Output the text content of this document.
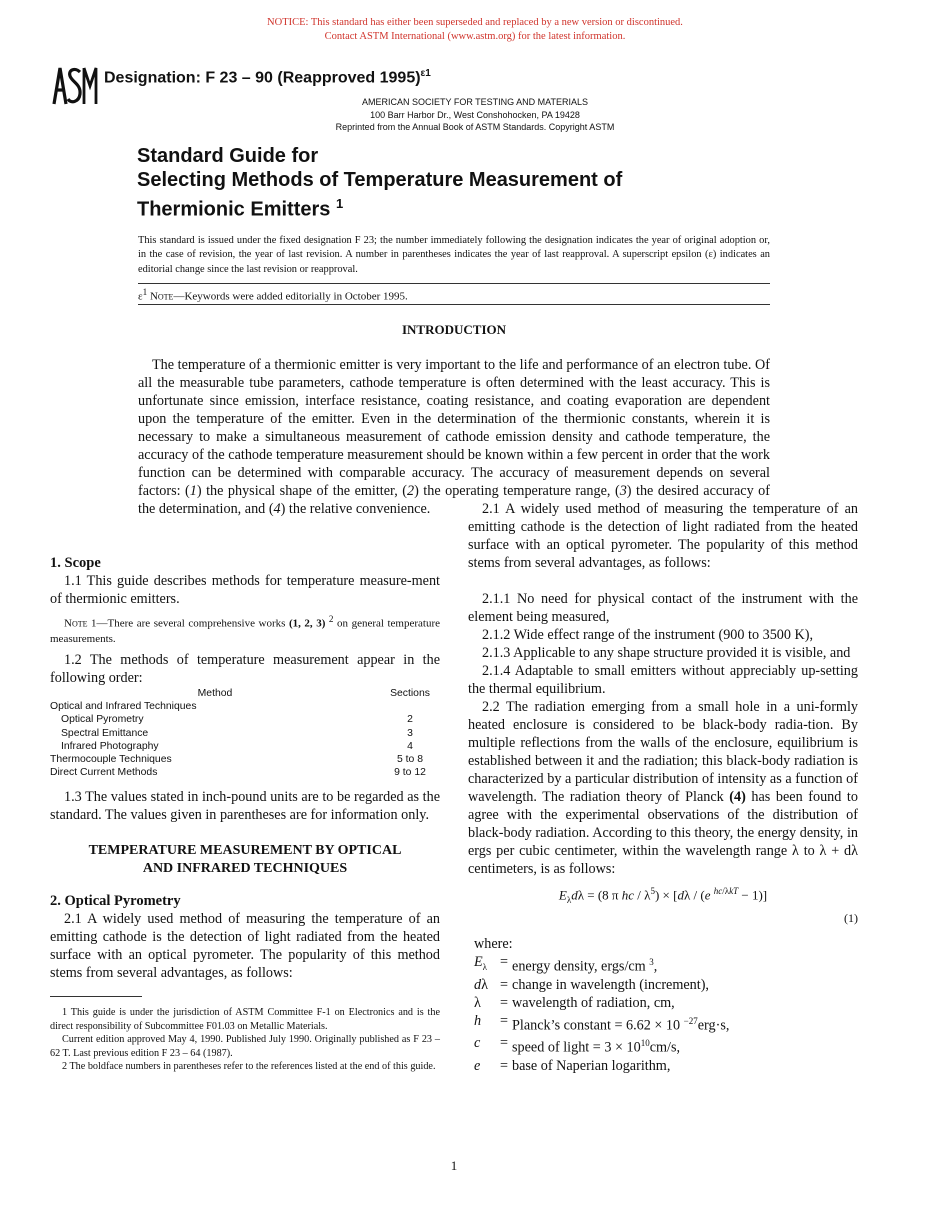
NOTICE: This standard has either been superseded and replaced by a new version or discontinued.
Contact ASTM International (www.astm.org) for the latest information.
Designation: F 23 – 90 (Reapproved 1995)$^{\varepsilon 1}$
AMERICAN SOCIETY FOR TESTING AND MATERIALS
100 Barr Harbor Dr., West Conshohocken, PA 19428
Reprinted from the Annual Book of ASTM Standards. Copyright ASTM
Standard Guide for
Selecting Methods of Temperature Measurement of
Thermionic Emitters $^1$
This standard is issued under the fixed designation F 23; the number immediately following the designation indicates the year of original adoption or, in the case of revision, the year of last revision. A number in parentheses indicates the year of last reapproval. A superscript epsilon (ε) indicates an editorial change since the last revision or reapproval.
$\varepsilon^1$ Note—Keywords were added editorially in October 1995.
INTRODUCTION
The temperature of a thermionic emitter is very important to the life and performance of an electron tube. Of all the measurable tube parameters, cathode temperature is often determined with the least accuracy. This is unfortunate since emission, interface resistance, coating resistance, and coating evaporation are dependent upon the temperature of the emitter. Even in the determination of the thermionic constants, wherein it is necessary to make a simultaneous measurement of cathode emission density and cathode temperature, the accuracy of the cathode temperature measurement should be known within a few percent in order that the work function can be determined with comparable accuracy. The accuracy of measurement depends on several factors: (1) the physical shape of the emitter, (2) the operating temperature range, (3) the desired accuracy of the determination, and (4) the relative convenience.

1. Scope

1.1 This guide describes methods for temperature measure-ment of thermionic emitters.

Note 1—There are several comprehensive works (1, 2, 3) $^2$ on general temperature measurements.

1.2 The methods of temperature measurement appear in the following order:

Method	Sections
Optical and Infrared Techniques	
Optical Pyrometry	2
Spectral Emittance	3
Infrared Photography	4
Thermocouple Techniques	5 to 8
Direct Current Methods	9 to 12

1.3 The values stated in inch-pound units are to be regarded as the standard. The values given in parentheses are for information only.

TEMPERATURE MEASUREMENT BY OPTICAL
AND INFRARED TECHNIQUES

2. Optical Pyrometry

2.1 A widely used method of measuring the temperature of an emitting cathode is the detection of light radiated from the heated surface with an optical pyrometer. The popularity of this method stems from several advantages, as follows:

2.1 A widely used method of measuring the temperature of an emitting cathode is the detection of light radiated from the heated surface with an optical pyrometer. The popularity of this method stems from several advantages, as follows:

2.1.1 No need for physical contact of the instrument with the element being measured,

2.1.2 Wide effect range of the instrument (900 to 3500 K),

2.1.3 Applicable to any shape structure provided it is visible, and

2.1.4 Adaptable to small emitters without appreciably up-setting the thermal equilibrium.

2.2 The radiation emerging from a small hole in a uni-formly heated enclosure is considered to be black-body radia-tion. By multiple reflections from the walls of the enclosure, equilibrium is established between it and the radiation; this black-body radiation is characterized by a particular distribution of intensity as a function of wavelength. The radiation theory of Planck (4) has been found to agree with the experimental observations of the distribution of black-body radiation. According to this theory, the energy density, in ergs per cubic centimeter, within the wavelength range λ to λ + dλ centimeters, is as follows:

$E_\lambda d\lambda = (8$ π hc / $\lambda^5) \times [d\lambda / (e$ $^{hc/\lambda kT}$ − 1)]
(1)
where:
$E_\lambda$	=	energy density, ergs/cm $^3$,
dλ	=	change in wavelength (increment),
λ	=	wavelength of radiation, cm,
h	=	Planck’s constant = 6.62 × 10 $^{-27}$erg·s,
c	=	speed of light = $3 \times 10^{10}cm/s$,
e	=	base of Naperian logarithm,

1 This guide is under the jurisdiction of ASTM Committee F-1 on Electronics and is the direct responsibility of Subcommittee F01.03 on Metallic Materials.

Current edition approved May 4, 1990. Published July 1990. Originally published as F 23 – 62 T. Last previous edition F 23 – 64 (1987).

2 The boldface numbers in parentheses refer to the references listed at the end of this guide.

1
